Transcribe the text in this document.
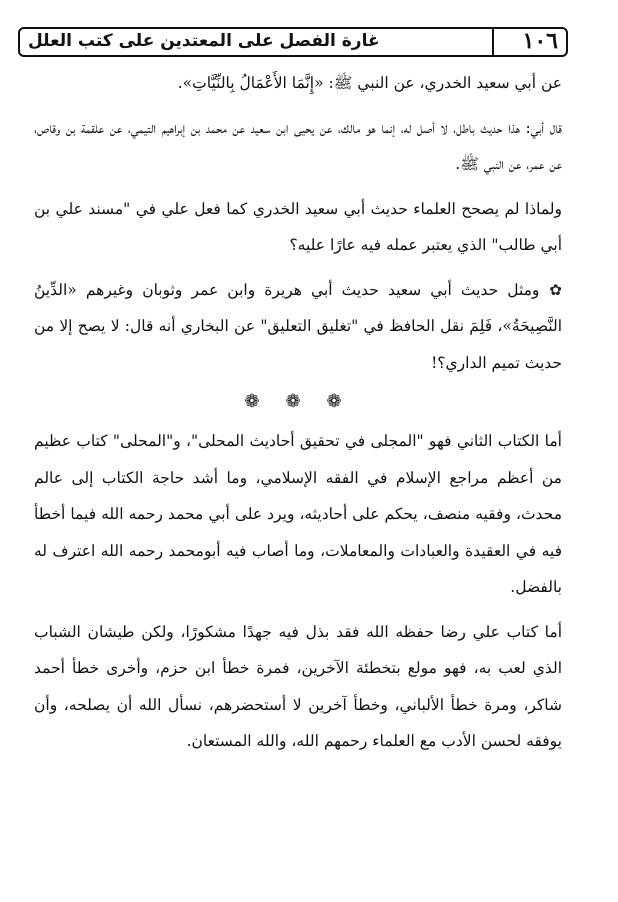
غارة الفصل على المعتدين على كتب العلل	١٠٦

عن أبي سعيد الخدري، عن النبي ﷺ: «إِنَّمَا الأَعْمَالُ بِالنِّيَّاتِ».

قال أبي: هذا حديث باطل، لا أصل له، إنما هو مالك، عن يحيى ابن سعيد عن محمد بن إبراهيم التيمي، عن علقمة بن وقاص، عن عمر، عن النبي ﷺ.

ولماذا لم يصحح العلماء حديث أبي سعيد الخدري كما فعل علي في "مسند علي بن أبي طالب" الذي يعتبر عمله فيه عارًا عليه؟

✿ومثل حديث أبي سعيد حديث أبي هريرة وابن عمر وثوبان وغيرهم «الدِّينُ النَّصِيحَةُ»، فَلِمَ نقل الحافظ في "تغليق التعليق" عن البخاري أنه قال: لا يصح إلا من حديث تميم الداري؟!

❁ ❁ ❁

أما الكتاب الثاني فهو "المجلى في تحقيق أحاديث المحلى"، و"المحلى" كتاب عظيم من أعظم مراجع الإسلام في الفقه الإسلامي، وما أشد حاجة الكتاب إلى عالم محدث، وفقيه منصف، يحكم على أحاديثه، ويرد على أبي محمد رحمه الله فيما أخطأ فيه في العقيدة والعبادات والمعاملات، وما أصاب فيه أبومحمد رحمه الله اعترف له بالفضل.

أما كتاب علي رضا حفظه الله فقد بذل فيه جهدًا مشكورًا، ولكن طيشان الشباب الذي لعب به، فهو مولع بتخطئة الآخرين، فمرة خطأ ابن حزم، وأخرى خطأ أحمد شاكر، ومرة خطأ الألباني، وخطأ آخرين لا أستحضرهم، نسأل الله أن يصلحه، وأن يوفقه لحسن الأدب مع العلماء رحمهم الله، والله المستعان.
